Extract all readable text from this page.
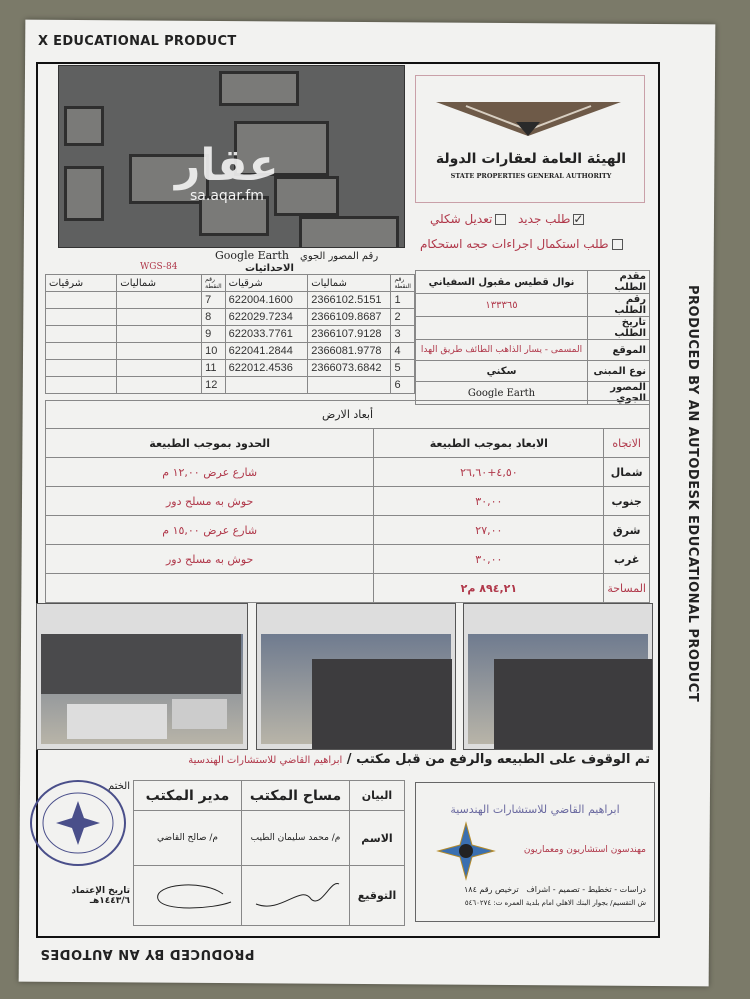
X EDUCATIONAL PRODUCT
PRODUCED BY AN AUTODESK EDUCATIONAL PRODUCT
PRODUCED BY AN AUTODES
عقار
sa.aqar.fm
Google Earth رقم المصور الجوي
الهيئة العامة لعقارات الدولة
STATE PROPERTIES GENERAL AUTHORITY
✓طلب جديد
تعديل شكلي
طلب استكمال اجراءات حجه استحكام
WGS-84	الاحداثيات
شرقيات	شماليات	رقم النقطة	شرقيات	شماليات	رقم النقطة
		7	622004.1600	2366102.5151	1
		8	622029.7234	2366109.8687	2
		9	622033.7761	2366107.9128	3
		10	622041.2844	2366081.9778	4
		11	622012.4536	2366073.6842	5
		12			6
مقدم الطلب	نوال قطيس مقبول السفياني
رقم الطلب	١٣٣٣٦٥
تاريخ الطلب	
الموقع	المسمى - يسار الذاهب الطائف طريق الهدا
نوع المبنى	سكني
المصور الجوي	Google Earth
أبعاد الارض		
الاتجاه	الابعاد بموجب الطبيعة	الحدود بموجب الطبيعة
شمال	٤,٥٠+٢٦,٦٠	شارع عرض ١٢,٠٠ م
جنوب	٣٠,٠٠	حوش به مسلح دور
شرق	٢٧,٠٠	شارع عرض ١٥,٠٠ م
غرب	٣٠,٠٠	حوش به مسلح دور
المساحة	٨٩٤,٢١ م٢	
تم الوقوف على الطبيعه والرفع من قبل مكتب / ابراهيم القاضي للاستشارات الهندسية
البيان	مساح المكتب	مدير المكتب	الختم
الاسم	م/ محمد سليمان الطيب	م/ صالح القاضي	
التوقيع			تاريخ الإعتماد ١٤٤٣/٦هـ
ابراهيم القاضي للاستشارات الهندسية
مهندسون استشاريون ومعماريون
دراسات - تخطيط - تصميم - اشراف   ترخيص رقم ١٨٤
ش التقسيم/ بجوار البنك الاهلي امام بلدية العمره ت: ٥٤٦٠٢٧٤
